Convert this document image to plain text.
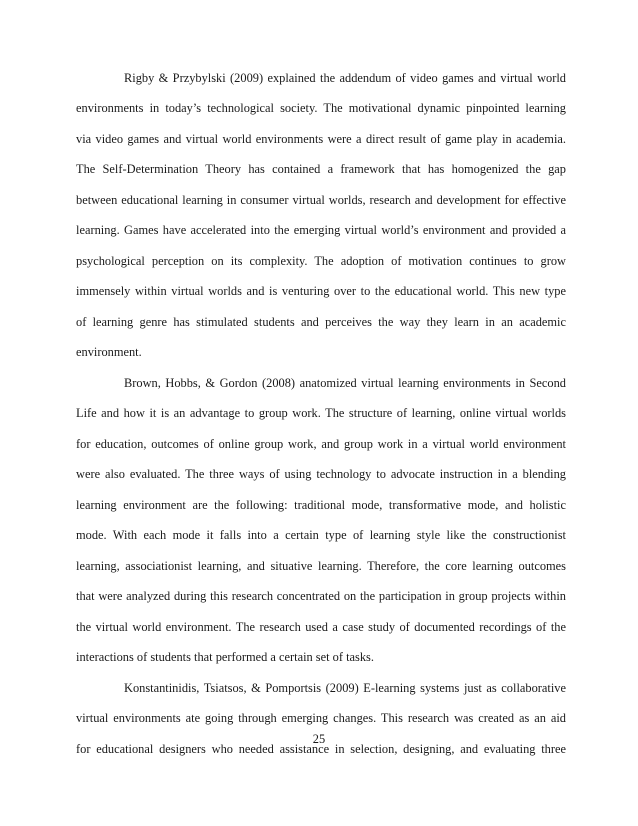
Rigby & Przybylski (2009) explained the addendum of video games and virtual world
environments in today’s technological society. The motivational dynamic pinpointed learning
via video games and virtual world environments were a direct result of game play in academia.
The Self-Determination Theory has contained a framework that has homogenized the gap
between educational learning in consumer virtual worlds, research and development for effective
learning. Games have accelerated into the emerging virtual world’s environment and provided a
psychological perception on its complexity. The adoption of motivation continues to grow
immensely within virtual worlds and is venturing over to the educational world. This new type
of learning genre has stimulated students and perceives the way they learn in an academic
environment.
Brown, Hobbs, & Gordon (2008) anatomized virtual learning environments in Second
Life and how it is an advantage to group work. The structure of learning, online virtual worlds
for education, outcomes of online group work, and group work in a virtual world environment
were also evaluated. The three ways of using technology to advocate instruction in a blending
learning environment are the following: traditional mode, transformative mode, and holistic
mode. With each mode it falls into a certain type of learning style like the constructionist
learning, associationist learning, and situative learning. Therefore, the core learning outcomes
that were analyzed during this research concentrated on the participation in group projects within
the virtual world environment. The research used a case study of documented recordings of the
interactions of students that performed a certain set of tasks.
Konstantinidis, Tsiatsos, & Pomportsis (2009) E-learning systems just as collaborative
virtual environments ate going through emerging changes. This research was created as an aid
for educational designers who needed assistance in selection, designing, and evaluating three
25
